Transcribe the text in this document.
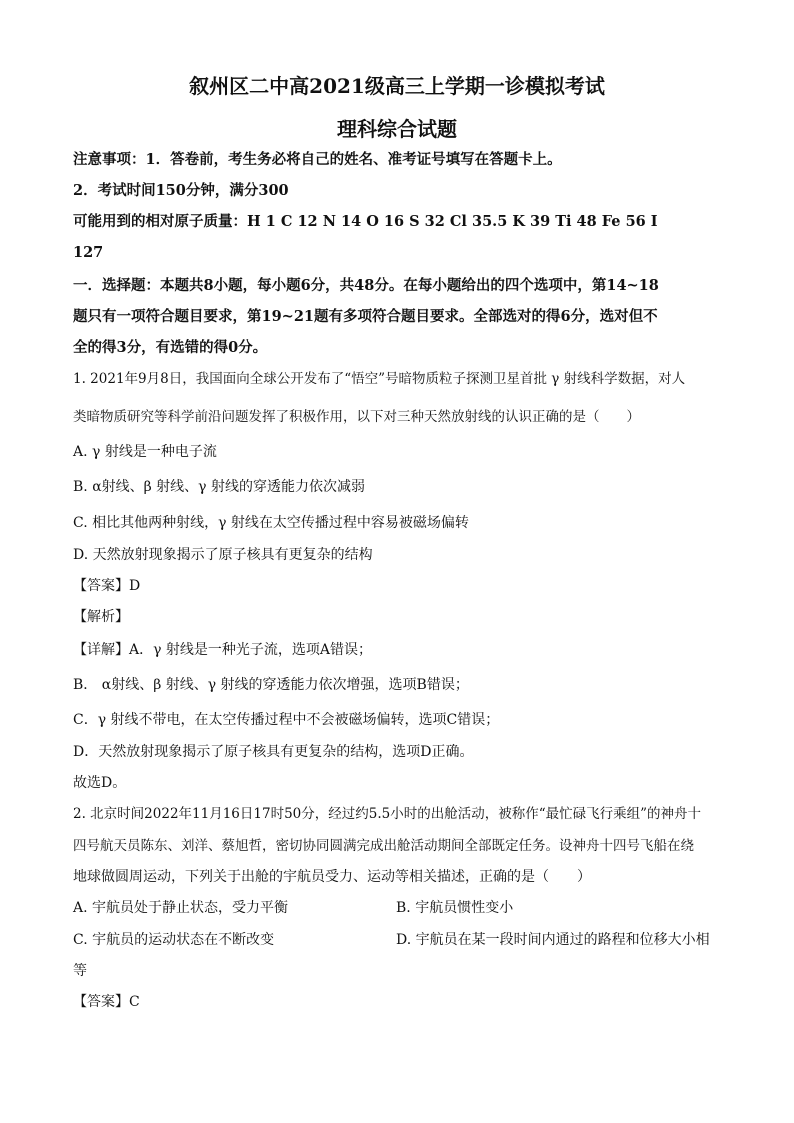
叙州区二中高2021级高三上学期一诊模拟考试
理科综合试题
注意事项：1．答卷前，考生务必将自己的姓名、准考证号填写在答题卡上。
2．考试时间150分钟，满分300
可能用到的相对原子质量：H 1 C 12 N 14 O 16 S 32 Cl 35.5 K 39 Ti 48 Fe 56 I
127
一．选择题：本题共8小题，每小题6分，共48分。在每小题给出的四个选项中，第14~18
题只有一项符合题目要求，第19~21题有多项符合题目要求。全部选对的得6分，选对但不
全的得3分，有选错的得0分。
1. 2021年9月8日，我国面向全球公开发布了“悟空”号暗物质粒子探测卫星首批 γ 射线科学数据，对人
类暗物质研究等科学前沿问题发挥了积极作用，以下对三种天然放射线的认识正确的是（　　）
A. γ 射线是一种电子流
B. α射线、β 射线、γ 射线的穿透能力依次减弱
C. 相比其他两种射线，γ 射线在太空传播过程中容易被磁场偏转
D. 天然放射现象揭示了原子核具有更复杂的结构
【答案】D
【解析】
【详解】A．γ 射线是一种光子流，选项A错误；
B． α射线、β 射线、γ 射线的穿透能力依次增强，选项B错误；
C．γ 射线不带电，在太空传播过程中不会被磁场偏转，选项C错误；
D．天然放射现象揭示了原子核具有更复杂的结构，选项D正确。
故选D。
2. 北京时间2022年11月16日17时50分，经过约5.5小时的出舱活动，被称作“最忙碌飞行乘组”的神舟十
四号航天员陈东、刘洋、蔡旭哲，密切协同圆满完成出舱活动期间全部既定任务。设神舟十四号飞船在绕
地球做圆周运动，下列关于出舱的宇航员受力、运动等相关描述，正确的是（　　）
A. 宇航员处于静止状态，受力平衡	B. 宇航员惯性变小
C. 宇航员的运动状态在不断改变	D. 宇航员在某一段时间内通过的路程和位移大小相
等
【答案】C
